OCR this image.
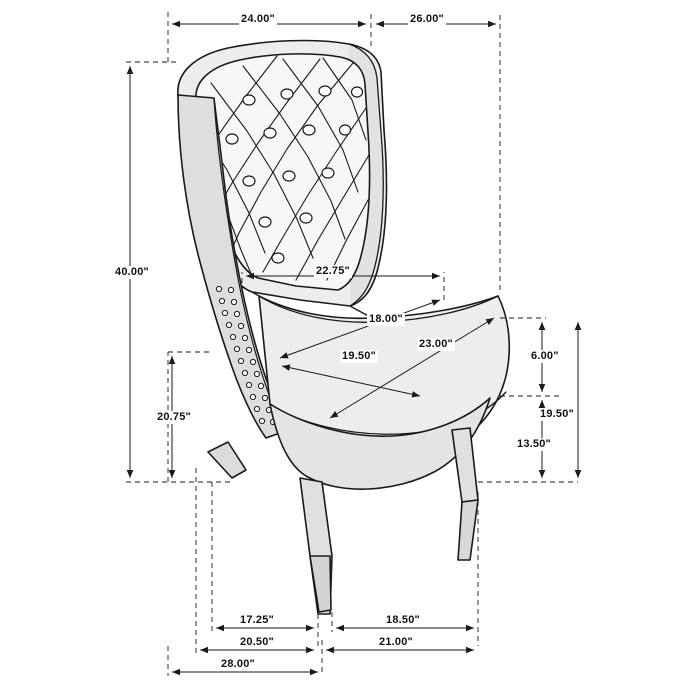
24.00"	26.00"
40.00"	22.75"
18.00"
23.00"
19.50"	6.00"
20.75"	19.50"
13.50"
17.25"	18.50"
20.50"	21.00"
28.00"
